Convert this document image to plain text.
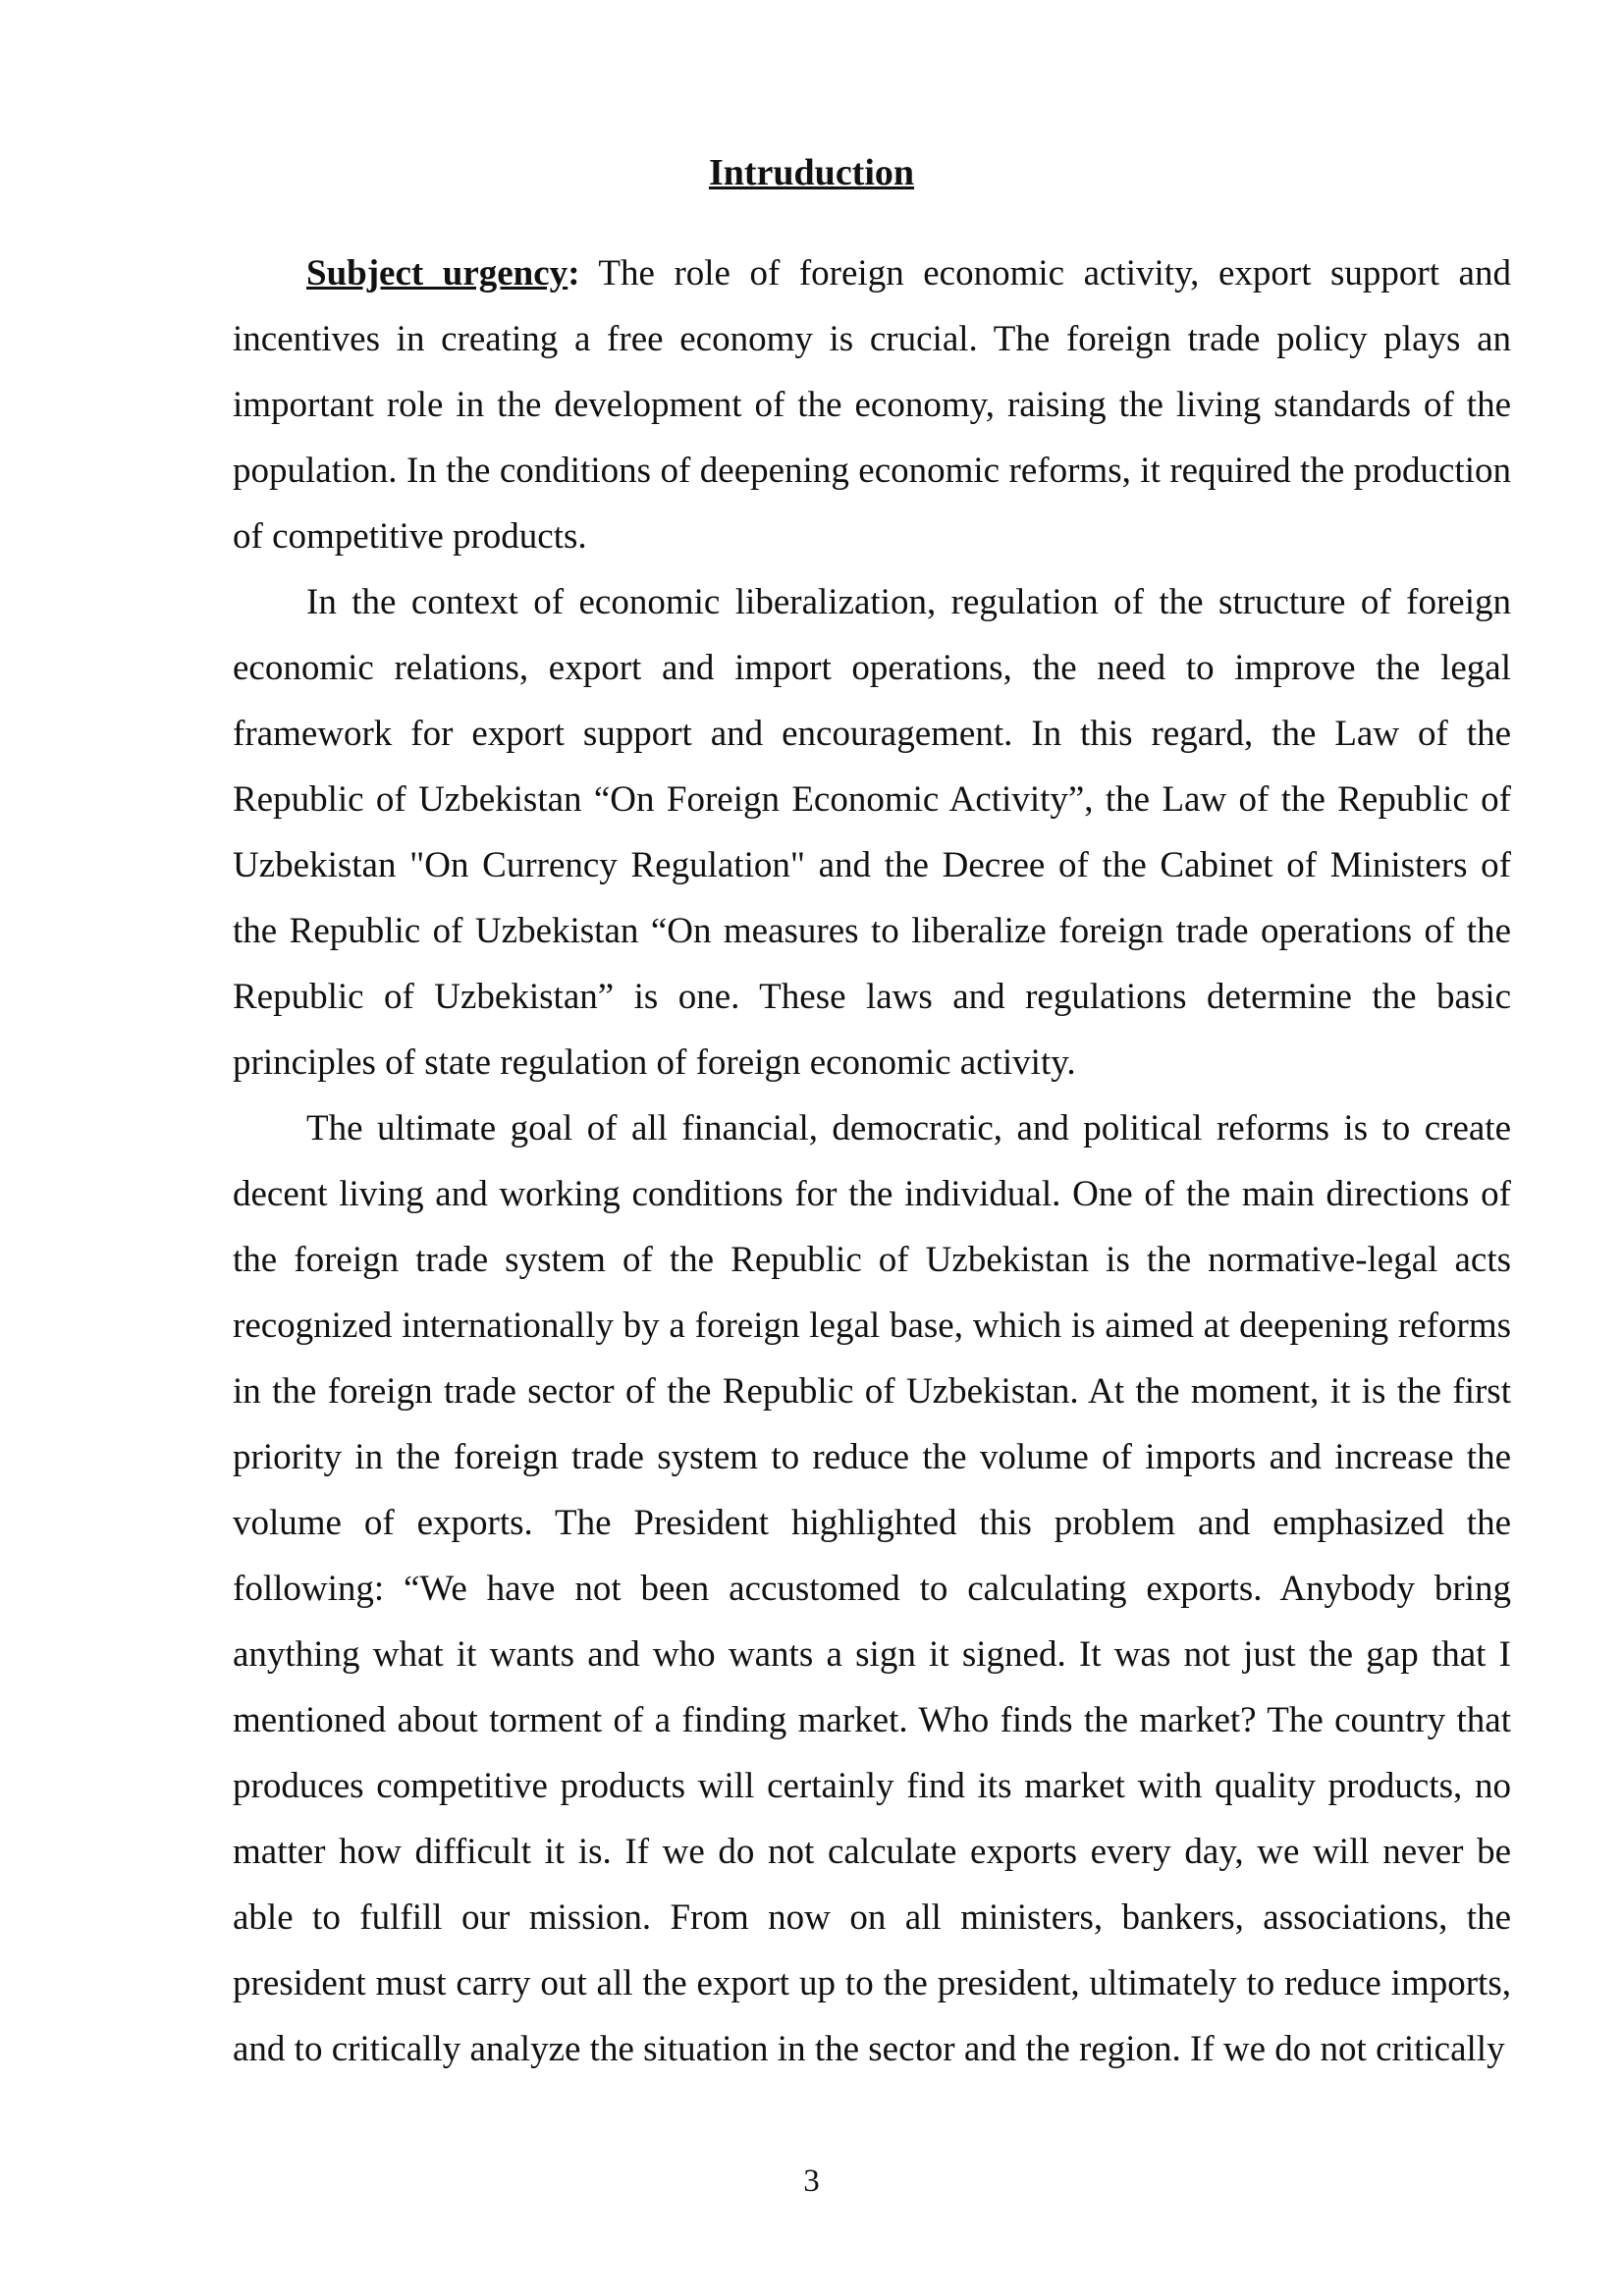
Intruduction

Subject urgency: The role of foreign economic activity, export support and incentives in creating a free economy is crucial. The foreign trade policy plays an important role in the development of the economy, raising the living standards of the population. In the conditions of deepening economic reforms, it required the production of competitive products.

In the context of economic liberalization, regulation of the structure of foreign economic relations, export and import operations, the need to improve the legal framework for export support and encouragement. In this regard, the Law of the Republic of Uzbekistan “On Foreign Economic Activity”, the Law of the Republic of Uzbekistan "On Currency Regulation" and the Decree of the Cabinet of Ministers of the Republic of Uzbekistan “On measures to liberalize foreign trade operations of the Republic of Uzbekistan” is one. These laws and regulations determine the basic principles of state regulation of foreign economic activity.

The ultimate goal of all financial, democratic, and political reforms is to create decent living and working conditions for the individual. One of the main directions of the foreign trade system of the Republic of Uzbekistan is the normative-legal acts recognized internationally by a foreign legal base, which is aimed at deepening reforms in the foreign trade sector of the Republic of Uzbekistan. At the moment, it is the first priority in the foreign trade system to reduce the volume of imports and increase the volume of exports. The President highlighted this problem and emphasized the following: “We have not been accustomed to calculating exports. Anybody bring anything what it wants and who wants a sign it signed. It was not just the gap that I mentioned about torment of a finding market. Who finds the market? The country that produces competitive products will certainly find its market with quality products, no matter how difficult it is. If we do not calculate exports every day, we will never be able to fulfill our mission. From now on all ministers, bankers, associations, the president must carry out all the export up to the president, ultimately to reduce imports, and to critically analyze the situation in the sector and the region. If we do not critically

3
